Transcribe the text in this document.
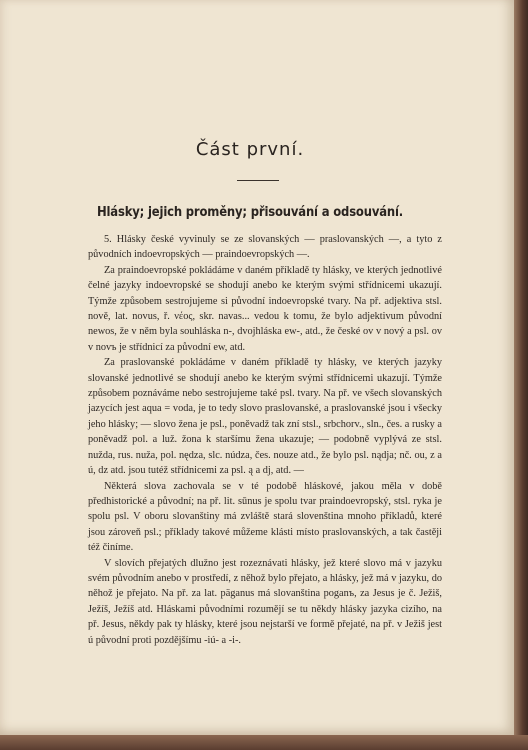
Část první.
Hlásky; jejich proměny; přisouvání a odsouvání.

5. Hlásky české vyvinuly se ze slovanských — praslovanských —, a tyto z původních indoevropských — praindoevropských —.

Za praindoevropské pokládáme v daném příkladě ty hlásky, ve kterých jednotlivé čelné jazyky indoevropské se shodují anebo ke kterým svými střídnicemi ukazují. Týmže způsobem sestrojujeme si původní indoevropské tvary. Na př. adjektiva stsl. nově, lat. novus, ř. νέος, skr. navas... vedou k tomu, že bylo adjektivum původní newos, že v něm byla souhláska n-, dvojhláska ew-, atd., že české ov v nový a psl. ov v novъ je střídnicí za původní ew, atd.

Za praslovanské pokládáme v daném příkladě ty hlásky, ve kterých jazyky slovanské jednotlivé se shodují anebo ke kterým svými střídnicemi ukazují. Týmže způsobem poznáváme nebo sestrojujeme také psl. tvary. Na př. ve všech slovanských jazycích jest aqua = voda, je to tedy slovo praslovanské, a praslovanské jsou i všecky jeho hlásky; — slovo žena je psl., poněvadž tak zní stsl., srbchorv., sln., čes. a rusky a poněvadž pol. a luž. žona k staršímu žena ukazuje; — podobně vyplývá ze stsl. nužda, rus. nuža, pol. nędza, slc. núdza, čes. nouze atd., že bylo psl. nądja; nč. ou, z a ú, dz atd. jsou tutéž střídnicemi za psl. ą a dj, atd. —

Některá slova zachovala se v té podobě hláskové, jakou měla v době předhistorické a původní; na př. lit. sūnus je spolu tvar praindoevropský, stsl. ryka je spolu psl. V oboru slovanštiny má zvláště stará slovenština mnoho příkladů, které jsou zároveň psl.; příklady takové můžeme klásti místo praslovanských, a tak častěji též činíme.

V slovích přejatých dlužno jest rozeznávati hlásky, jež které slovo má v jazyku svém původním anebo v prostředí, z něhož bylo přejato, a hlásky, jež má v jazyku, do něhož je přejato. Na př. za lat. päganus má slovanština poganъ, za Jesus je č. Ježiš, Ježíš, Ježíš atd. Hláskami původními rozumějí se tu někdy hlásky jazyka cizího, na př. Jesus, někdy pak ty hlásky, které jsou nejstarší ve formě přejaté, na př. v Ježiš jest ú původní proti pozdějšímu -iú- a -i-.
